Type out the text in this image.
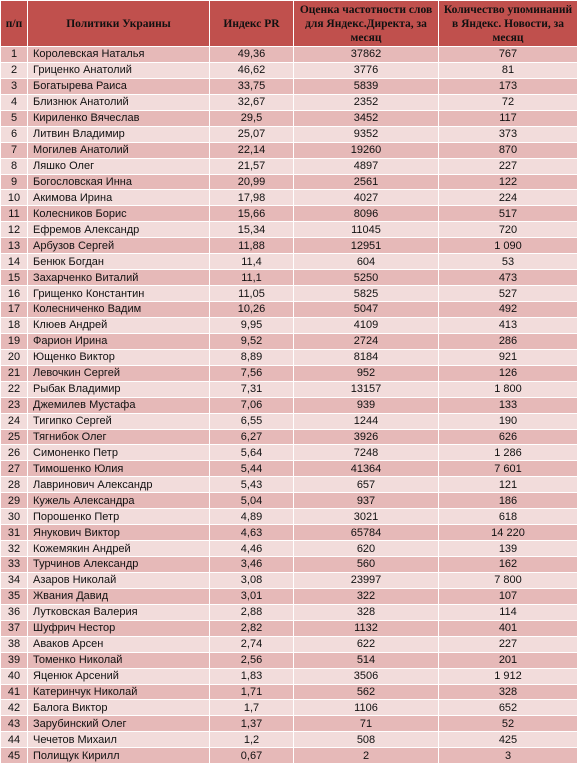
п/п	Политики Украины	Индекс PR	Оценка частотности слов для Яндекс.Директа, за месяц	Количество упоминаний в Яндекс. Новости, за месяц
1	Королевская Наталья	49,36	37862	767
2	Гриценко Анатолий	46,62	3776	81
3	Богатырева Раиса	33,75	5839	173
4	Близнюк Анатолий	32,67	2352	72
5	Кириленко Вячеслав	29,5	3452	117
6	Литвин Владимир	25,07	9352	373
7	Могилев Анатолий	22,14	19260	870
8	Ляшко Олег	21,57	4897	227
9	Богословская Инна	20,99	2561	122
10	Акимова Ирина	17,98	4027	224
11	Колесников Борис	15,66	8096	517
12	Ефремов Александр	15,34	11045	720
13	Арбузов Сергей	11,88	12951	1 090
14	Бенюк Богдан	11,4	604	53
15	Захарченко Виталий	11,1	5250	473
16	Грищенко Константин	11,05	5825	527
17	Колесниченко Вадим	10,26	5047	492
18	Клюев Андрей	9,95	4109	413
19	Фарион Ирина	9,52	2724	286
20	Ющенко Виктор	8,89	8184	921
21	Левочкин Сергей	7,56	952	126
22	Рыбак Владимир	7,31	13157	1 800
23	Джемилев Мустафа	7,06	939	133
24	Тигипко Сергей	6,55	1244	190
25	Тягнибок Олег	6,27	3926	626
26	Симоненко Петр	5,64	7248	1 286
27	Тимошенко Юлия	5,44	41364	7 601
28	Лавринович Александр	5,43	657	121
29	Кужель Александра	5,04	937	186
30	Порошенко Петр	4,89	3021	618
31	Янукович Виктор	4,63	65784	14 220
32	Кожемякин Андрей	4,46	620	139
33	Турчинов Александр	3,46	560	162
34	Азаров Николай	3,08	23997	7 800
35	Жвания Давид	3,01	322	107
36	Лутковская Валерия	2,88	328	114
37	Шуфрич Нестор	2,82	1132	401
38	Аваков Арсен	2,74	622	227
39	Томенко Николай	2,56	514	201
40	Яценюк Арсений	1,83	3506	1 912
41	Катеринчук Николай	1,71	562	328
42	Балога Виктор	1,7	1106	652
43	Зарубинский Олег	1,37	71	52
44	Чечетов Михаил	1,2	508	425
45	Полищук Кирилл	0,67	2	3
